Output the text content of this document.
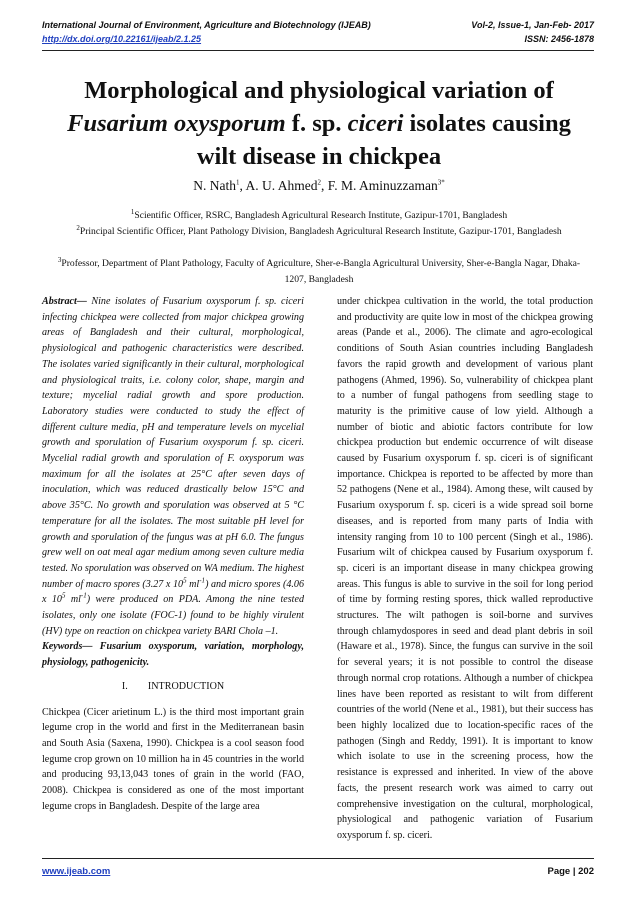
International Journal of Environment, Agriculture and Biotechnology (IJEAB)	Vol-2, Issue-1, Jan-Feb- 2017
http://dx.doi.org/10.22161/ijeab/2.1.25	ISSN: 2456-1878
Morphological and physiological variation of
Fusarium oxysporum f. sp. ciceri isolates causing
wilt disease in chickpea
N. Nath$^1$, A. U. Ahmed$^2$, F. M. Aminuzzaman$^{3*}$
$^1$Scientific Officer, RSRC, Bangladesh Agricultural Research Institute, Gazipur-1701, Bangladesh
$^2$Principal Scientific Officer, Plant Pathology Division, Bangladesh Agricultural Research Institute, Gazipur-1701, Bangladesh
$^3$Professor, Department of Plant Pathology, Faculty of Agriculture, Sher-e-Bangla Agricultural University, Sher-e-Bangla Nagar, Dhaka-1207, Bangladesh

Abstract— Nine isolates of Fusarium oxysporum f. sp. ciceri infecting chickpea were collected from major chickpea growing areas of Bangladesh and their cultural, morphological, physiological and pathogenic characteristics were described. The isolates varied significantly in their cultural, morphological and physiological traits, i.e. colony color, shape, margin and texture; mycelial radial growth and spore production. Laboratory studies were conducted to study the effect of different culture media, pH and temperature levels on mycelial growth and sporulation of Fusarium oxysporum f. sp. ciceri. Mycelial radial growth and sporulation of F. oxysporum was maximum for all the isolates at 25°C after seven days of inoculation, which was reduced drastically below 15°C and above 35°C. No growth and sporulation was observed at 5 °C temperature for all the isolates. The most suitable pH level for growth and sporulation of the fungus was at pH 6.0. The fungus grew well on oat meal agar medium among seven culture media tested. No sporulation was observed on WA medium. The highest number of macro spores (3.27 x $10^5$ $ml^{-1}$) and micro spores (4.06 x $10^5$ $ml^{-1}$) were produced on PDA. Among the nine tested isolates, only one isolate (FOC-1) found to be highly virulent (HV) type on reaction on chickpea variety BARI Chola –1.

Keywords— Fusarium oxysporum, variation, morphology, physiology, pathogenicity.

I.        INTRODUCTION

Chickpea (Cicer arietinum L.) is the third most important grain legume crop in the world and first in the Mediterranean basin and South Asia (Saxena, 1990). Chickpea is a cool season food legume crop grown on 10 million ha in 45 countries in the world and producing 93,13,043 tones of grain in the world (FAO, 2008). Chickpea is considered as one of the most important legume crops in Bangladesh. Despite of the large area

under chickpea cultivation in the world, the total production and productivity are quite low in most of the chickpea growing areas (Pande et al., 2006). The climate and agro-ecological conditions of South Asian countries including Bangladesh favors the rapid growth and development of various plant pathogens (Ahmed, 1996). So, vulnerability of chickpea plant to a number of fungal pathogens from seedling stage to maturity is the primitive cause of low yield. Although a number of biotic and abiotic factors contribute for low chickpea production but endemic occurrence of wilt disease caused by Fusarium oxysporum f. sp. ciceri is of significant importance. Chickpea is reported to be affected by more than 52 pathogens (Nene et al., 1984). Among these, wilt caused by Fusarium oxysporum f. sp. ciceri is a wide spread soil borne diseases, and is reported from many parts of India with intensity ranging from 10 to 100 percent (Singh et al., 1986). Fusarium wilt of chickpea caused by Fusarium oxysporum f. sp. ciceri is an important disease in many chickpea growing areas. This fungus is able to survive in the soil for long period of time by forming resting spores, thick walled reproductive structures. The wilt pathogen is soil-borne and survives through chlamydospores in seed and dead plant debris in soil (Haware et al., 1978). Since, the fungus can survive in the soil for several years; it is not possible to control the disease through normal crop rotations. Although a number of chickpea lines have been reported as resistant to wilt from different countries of the world (Nene et al., 1981), but their success has been highly localized due to location-specific races of the pathogen (Singh and Reddy, 1991). It is important to know which isolate to use in the screening process, how the resistance is expressed and inherited. In view of the above facts, the present research work was aimed to carry out comprehensive investigation on the cultural, morphological, physiological and pathogenic variation of Fusarium oxysporum f. sp. ciceri.

www.ijeab.com	Page | 202
